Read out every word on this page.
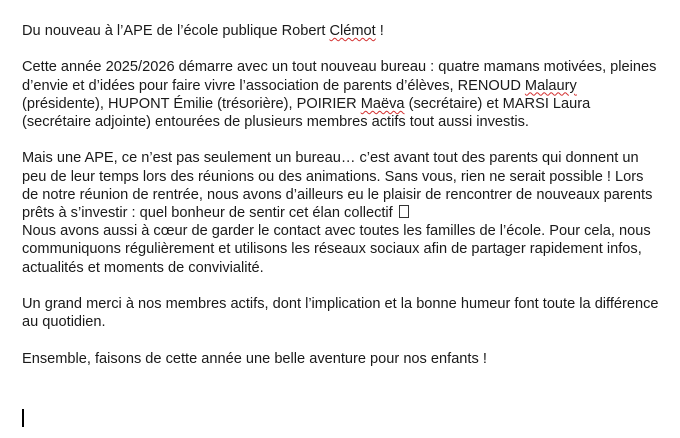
Du nouveau à l’APE de l’école publique Robert Clémot !

Cette année 2025/2026 démarre avec un tout nouveau bureau : quatre mamans motivées, pleines d’envie et d’idées pour faire vivre l’association de parents d’élèves, RENOUD Malaury (présidente), HUPONT Émilie (trésorière), POIRIER Maëva (secrétaire) et MARSI Laura (secrétaire adjointe) entourées de plusieurs membres actifs tout aussi investis.

Mais une APE, ce n’est pas seulement un bureau… c’est avant tout des parents qui donnent un peu de leur temps lors des réunions ou des animations. Sans vous, rien ne serait possible ! Lors de notre réunion de rentrée, nous avons d’ailleurs eu le plaisir de rencontrer de nouveaux parents prêts à s’investir : quel bonheur de sentir cet élan collectif

Nous avons aussi à cœur de garder le contact avec toutes les familles de l’école. Pour cela, nous communiquons régulièrement et utilisons les réseaux sociaux afin de partager rapidement infos, actualités et moments de convivialité.

Un grand merci à nos membres actifs, dont l’implication et la bonne humeur font toute la différence au quotidien.

Ensemble, faisons de cette année une belle aventure pour nos enfants !
